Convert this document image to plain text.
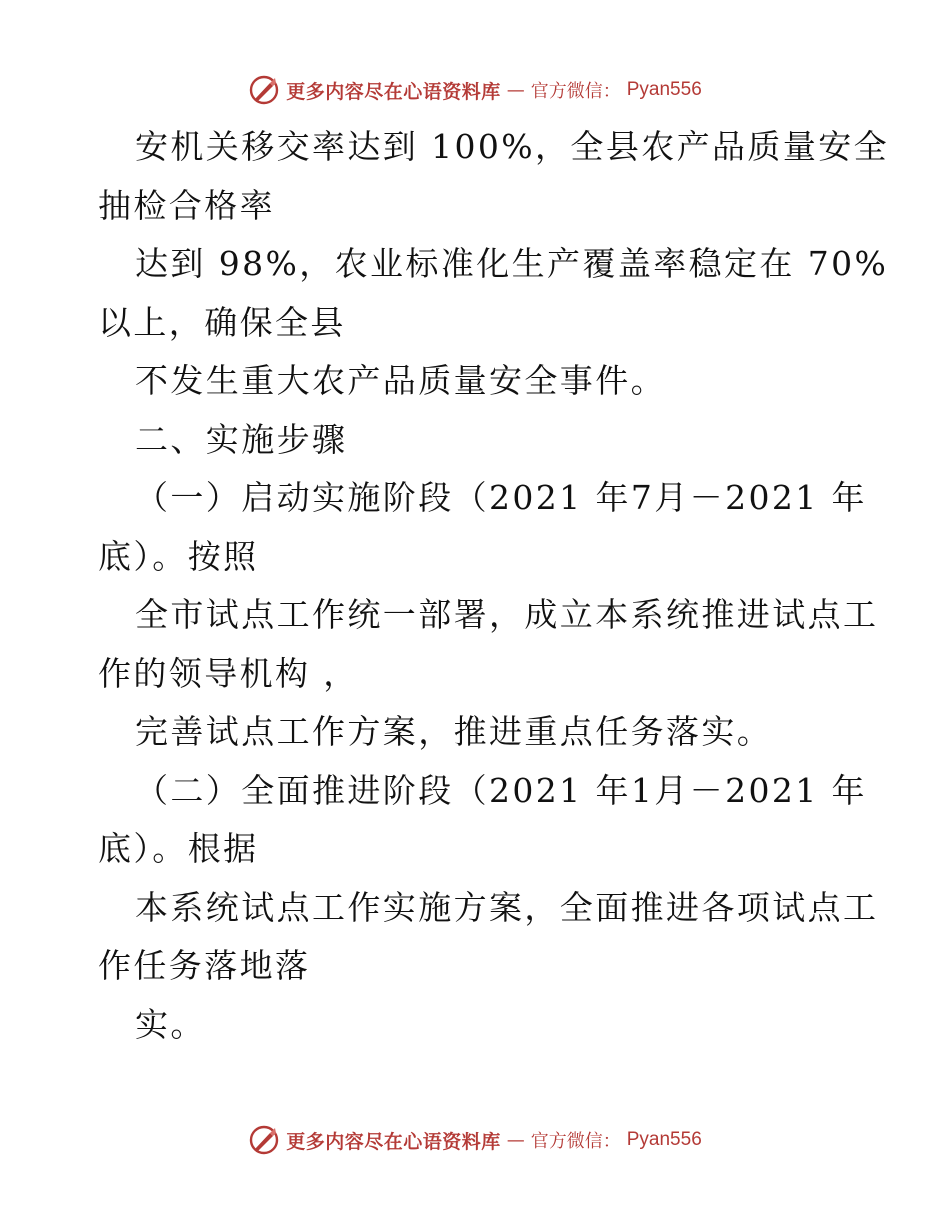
更多内容尽在心语资料库 — 官方微信： Pyan556
安机关移交率达到 100%，全县农产品质量安全
抽检合格率
达到 98%，农业标准化生产覆盖率稳定在 70%
以上，确保全县
不发生重大农产品质量安全事件。
二、实施步骤
（一）启动实施阶段（2021 年7月－2021 年
底）。按照
全市试点工作统一部署，成立本系统推进试点工
作的领导机构 ，
完善试点工作方案，推进重点任务落实。
（二）全面推进阶段（2021 年1月－2021 年
底）。根据
本系统试点工作实施方案，全面推进各项试点工
作任务落地落
实。
更多内容尽在心语资料库 — 官方微信： Pyan556
